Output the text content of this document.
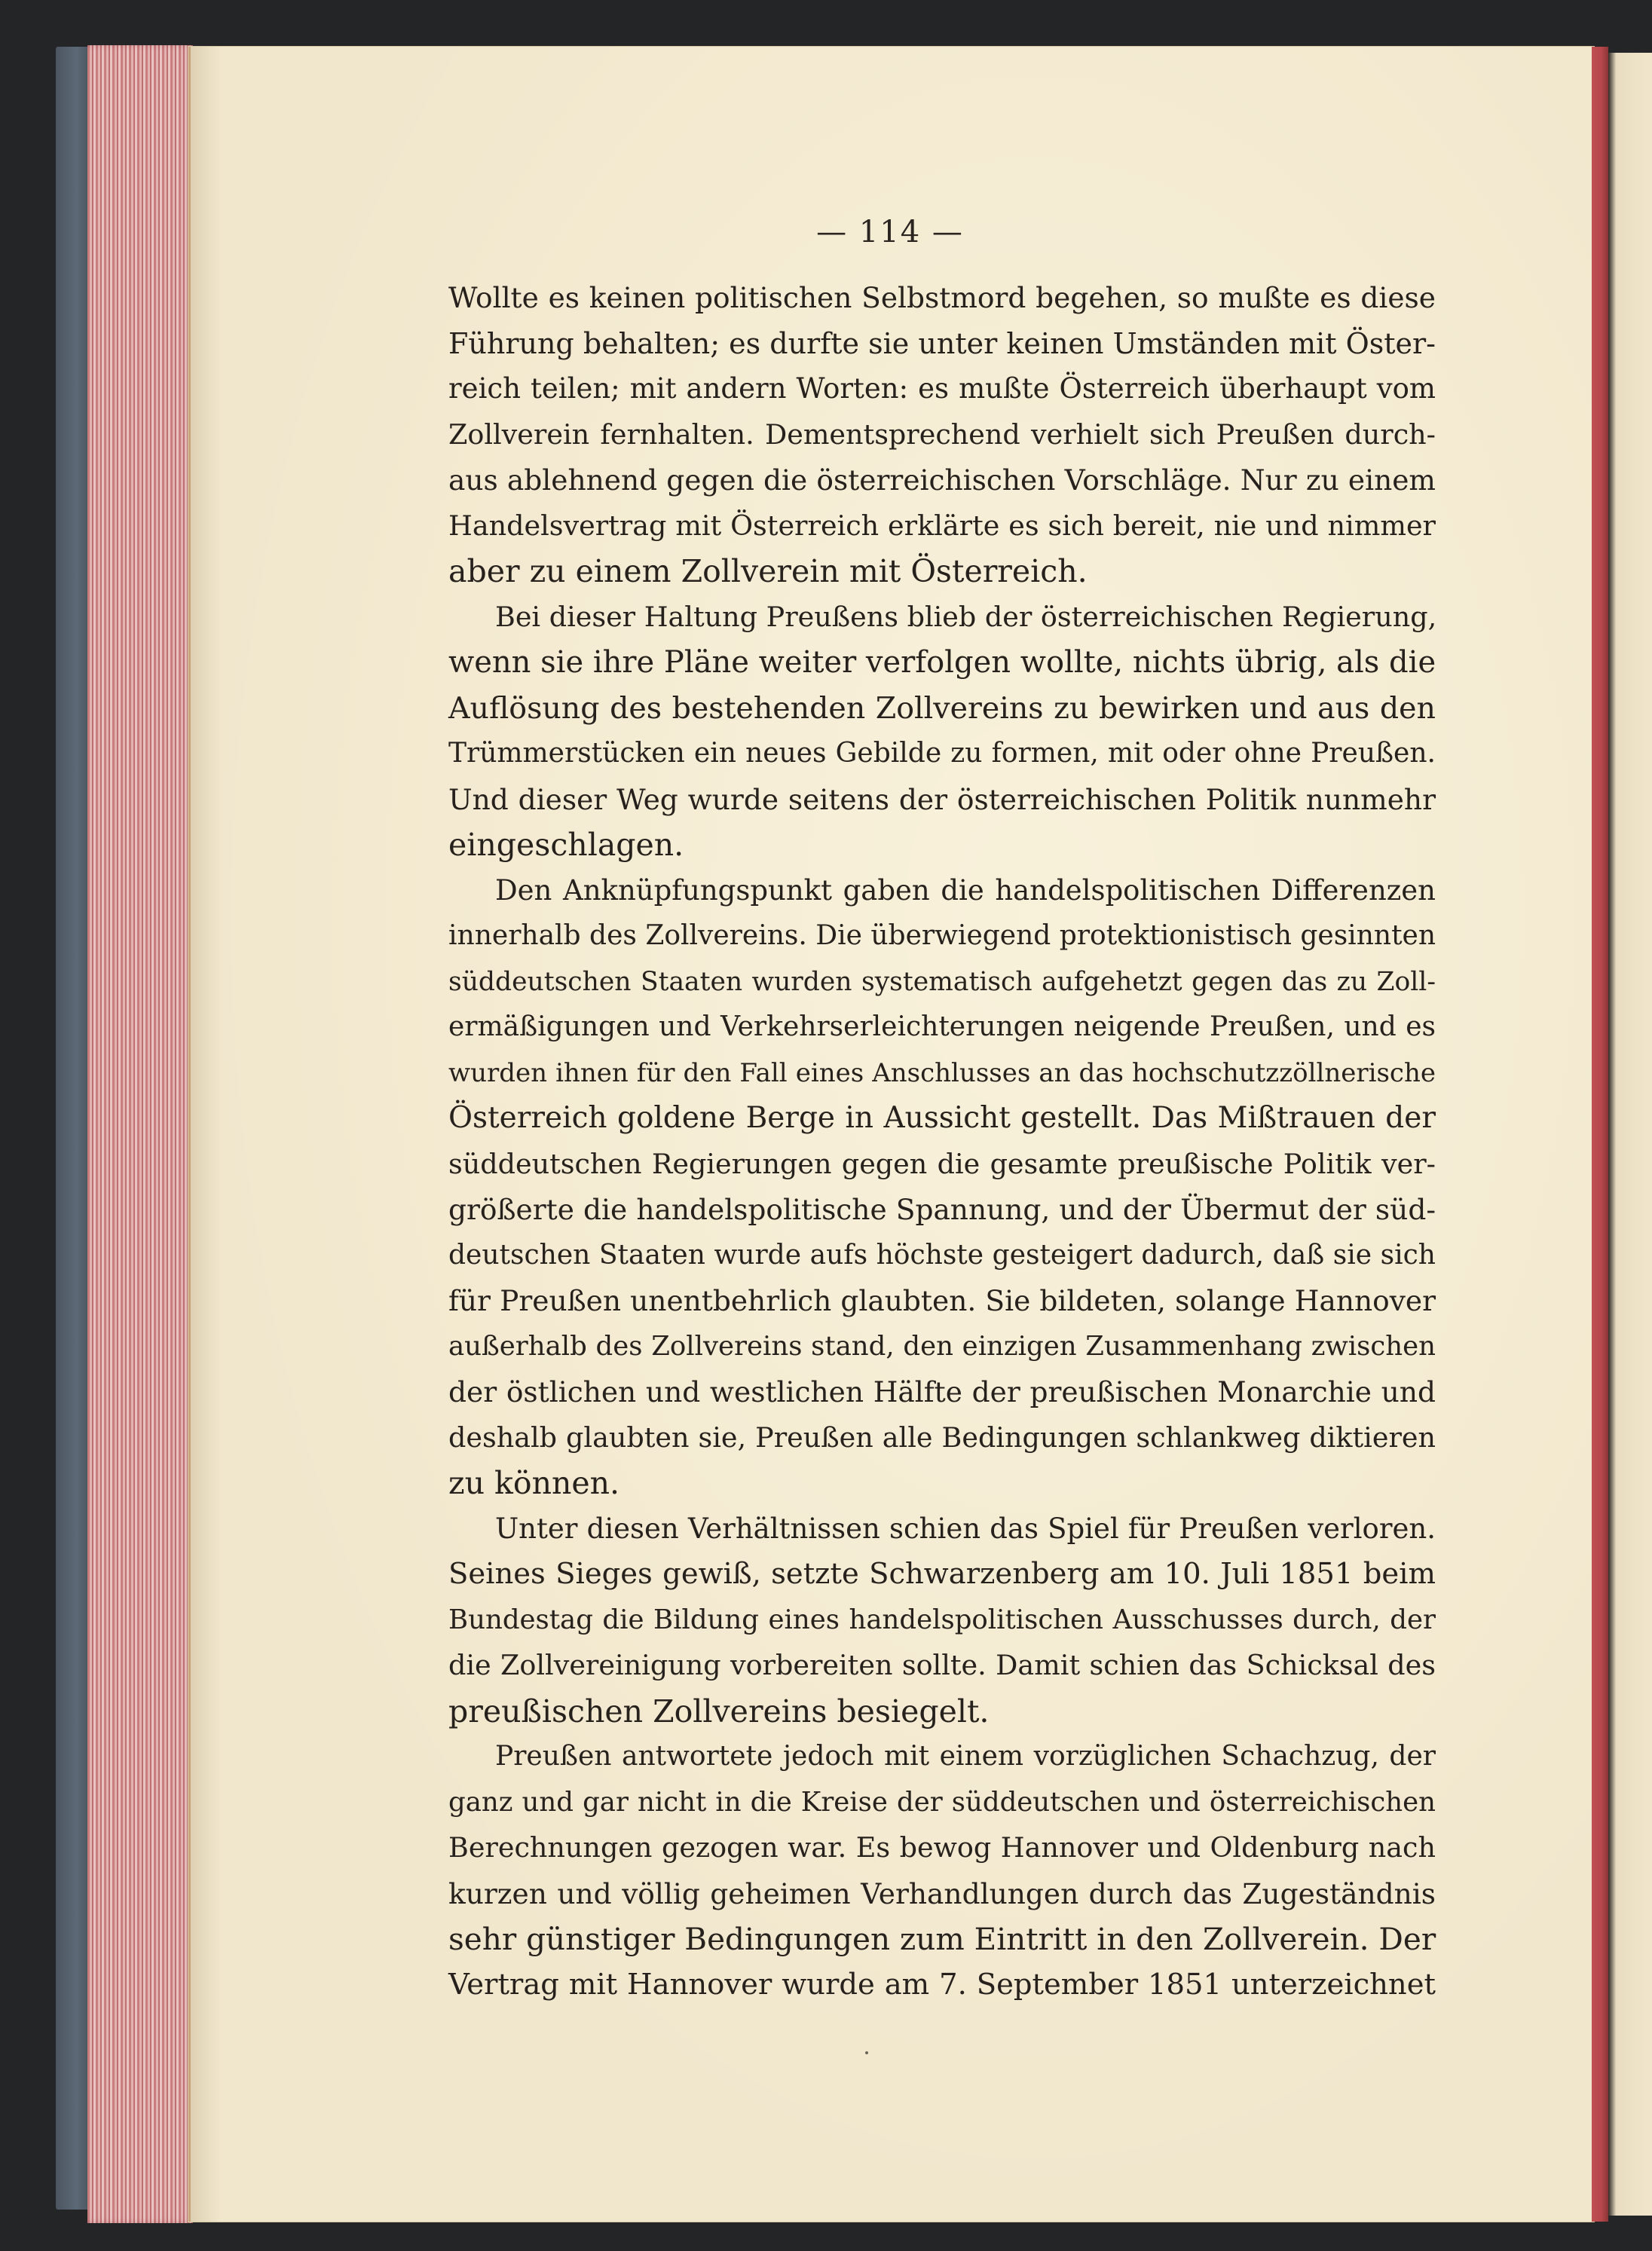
— 114 —
Wollte es keinen politischen Selbstmord begehen, so mußte es diese
Führung behalten; es durfte sie unter keinen Umständen mit Öster-
reich teilen; mit andern Worten: es mußte Österreich überhaupt vom
Zollverein fernhalten. Dementsprechend verhielt sich Preußen durch-
aus ablehnend gegen die österreichischen Vorschläge. Nur zu einem
Handelsvertrag mit Österreich erklärte es sich bereit, nie und nimmer
aber zu einem Zollverein mit Österreich.
Bei dieser Haltung Preußens blieb der österreichischen Regierung,
wenn sie ihre Pläne weiter verfolgen wollte, nichts übrig, als die
Auflösung des bestehenden Zollvereins zu bewirken und aus den
Trümmerstücken ein neues Gebilde zu formen, mit oder ohne Preußen.
Und dieser Weg wurde seitens der österreichischen Politik nunmehr
eingeschlagen.
Den Anknüpfungspunkt gaben die handelspolitischen Differenzen
innerhalb des Zollvereins. Die überwiegend protektionistisch gesinnten
süddeutschen Staaten wurden systematisch aufgehetzt gegen das zu Zoll-
ermäßigungen und Verkehrserleichterungen neigende Preußen, und es
wurden ihnen für den Fall eines Anschlusses an das hochschutzzöllnerische
Österreich goldene Berge in Aussicht gestellt. Das Mißtrauen der
süddeutschen Regierungen gegen die gesamte preußische Politik ver-
größerte die handelspolitische Spannung, und der Übermut der süd-
deutschen Staaten wurde aufs höchste gesteigert dadurch, daß sie sich
für Preußen unentbehrlich glaubten. Sie bildeten, solange Hannover
außerhalb des Zollvereins stand, den einzigen Zusammenhang zwischen
der östlichen und westlichen Hälfte der preußischen Monarchie und
deshalb glaubten sie, Preußen alle Bedingungen schlankweg diktieren
zu können.
Unter diesen Verhältnissen schien das Spiel für Preußen verloren.
Seines Sieges gewiß, setzte Schwarzenberg am 10. Juli 1851 beim
Bundestag die Bildung eines handelspolitischen Ausschusses durch, der
die Zollvereinigung vorbereiten sollte. Damit schien das Schicksal des
preußischen Zollvereins besiegelt.
Preußen antwortete jedoch mit einem vorzüglichen Schachzug, der
ganz und gar nicht in die Kreise der süddeutschen und österreichischen
Berechnungen gezogen war. Es bewog Hannover und Oldenburg nach
kurzen und völlig geheimen Verhandlungen durch das Zugeständnis
sehr günstiger Bedingungen zum Eintritt in den Zollverein. Der
Vertrag mit Hannover wurde am 7. September 1851 unterzeichnet
